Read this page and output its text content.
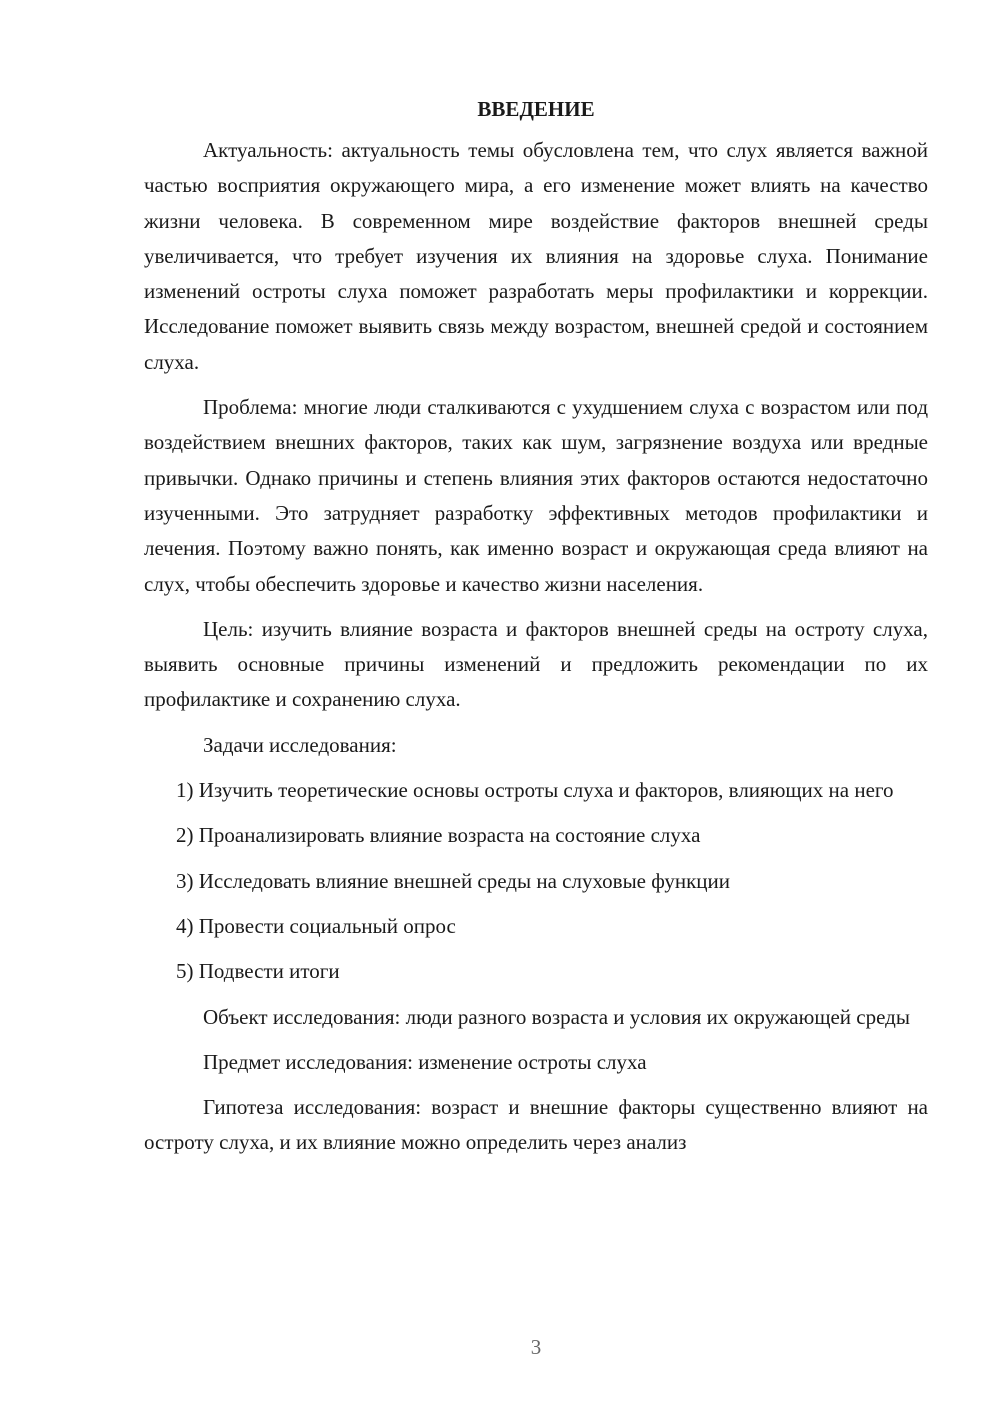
ВВЕДЕНИЕ

Актуальность: актуальность темы обусловлена тем, что слух является важной частью восприятия окружающего мира, а его изменение может влиять на качество жизни человека. В современном мире воздействие факторов внешней среды увеличивается, что требует изучения их влияния на здоровье слуха. Понимание изменений остроты слуха поможет разработать меры профилактики и коррекции. Исследование поможет выявить связь между возрастом, внешней средой и состоянием слуха.

Проблема: многие люди сталкиваются с ухудшением слуха с возрастом или под воздействием внешних факторов, таких как шум, загрязнение воздуха или вредные привычки. Однако причины и степень влияния этих факторов остаются недостаточно изученными. Это затрудняет разработку эффективных методов профилактики и лечения. Поэтому важно понять, как именно возраст и окружающая среда влияют на слух, чтобы обеспечить здоровье и качество жизни населения.

Цель: изучить влияние возраста и факторов внешней среды на остроту слуха, выявить основные причины изменений и предложить рекомендации по их профилактике и сохранению слуха.

Задачи исследования:

1) Изучить теоретические основы остроты слуха и факторов, влияющих на него

2) Проанализировать влияние возраста на состояние слуха

3) Исследовать влияние внешней среды на слуховые функции

4) Провести социальный опрос

5) Подвести итоги

Объект исследования: люди разного возраста и условия их окружающей среды

Предмет исследования: изменение остроты слуха

Гипотеза исследования: возраст и внешние факторы существенно влияют на остроту слуха, и их влияние можно определить через анализ

3
